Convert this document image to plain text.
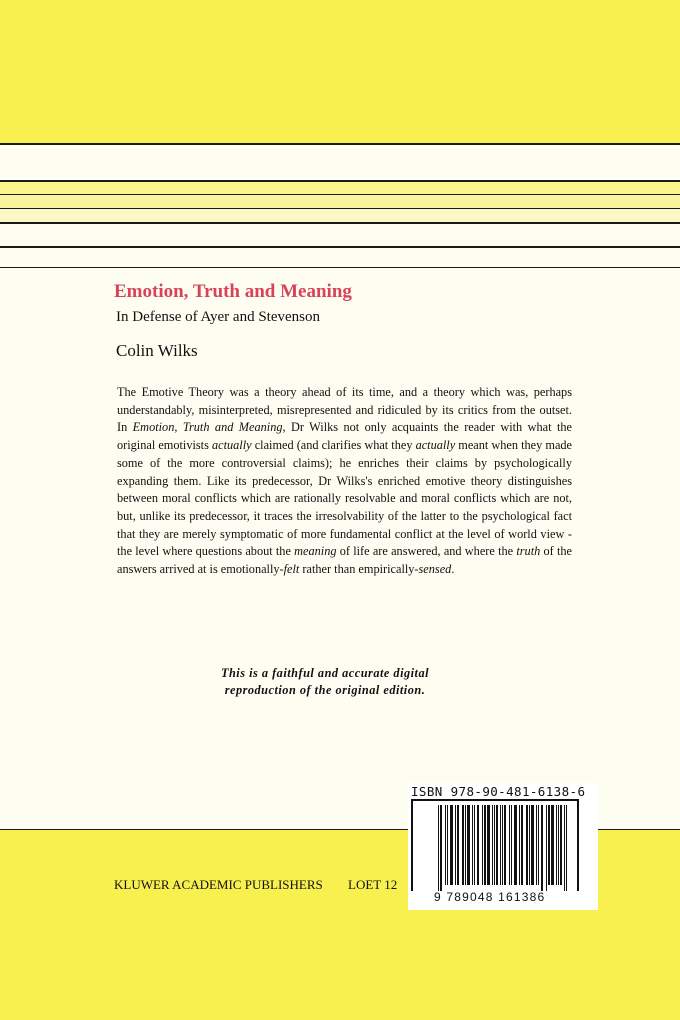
Emotion, Truth and Meaning

In Defense of Ayer and Stevenson

Colin Wilks

The Emotive Theory was a theory ahead of its time, and a theory which was, perhaps understandably, misinterpreted, misrepresented and ridiculed by its critics from the outset. In Emotion, Truth and Meaning, Dr Wilks not only acquaints the reader with what the original emotivists actually claimed (and clarifies what they actually meant when they made some of the more controversial claims); he enriches their claims by psychologically expanding them. Like its predecessor, Dr Wilks's enriched emotive theory distinguishes between moral conflicts which are rationally resolvable and moral conflicts which are not, but, unlike its predecessor, it traces the irresolvability of the latter to the psychological fact that they are merely symptomatic of more fundamental conflict at the level of world view - the level where questions about the meaning of life are answered, and where the truth of the answers arrived at is emotionally-felt rather than empirically-sensed.

This is a faithful and accurate digital
reproduction of the original edition.

KLUWER ACADEMIC PUBLISHERS LOET 12
ISBN 978-90-481-6138-6
9 789048 161386
